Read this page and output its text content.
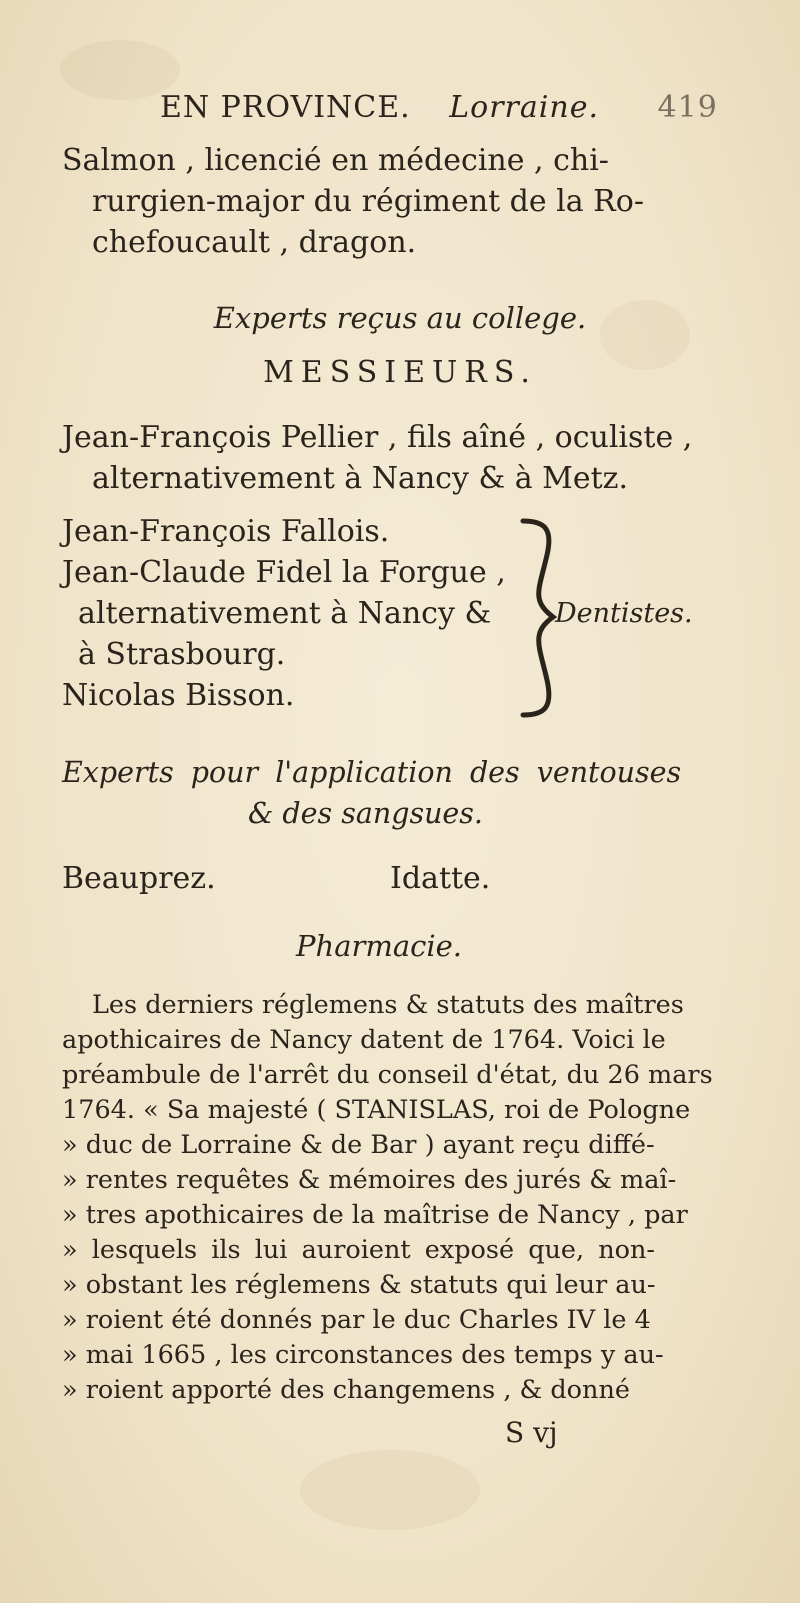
EN PROVINCE. Lorraine. 419
Salmon , licencié en médecine , chi-
rurgien-major du régiment de la Ro-
chefoucault , dragon.
Experts reçus au college.
MESSIEURS.
Jean-François Pellier , fils aîné , oculiste ,
alternativement à Nancy & à Metz.
Jean-François Fallois.
Jean-Claude Fidel la Forgue ,
alternativement à Nancy &
à Strasbourg.
Nicolas Bisson.
Dentistes.
Experts pour l'application des ventouses
& des sangsues.
Beauprez.	Idatte.
Pharmacie.
Les derniers réglemens & statuts des maîtres
apothicaires de Nancy datent de 1764. Voici le
préambule de l'arrêt du conseil d'état, du 26 mars
1764. « Sa majesté ( STANISLAS, roi de Pologne
» duc de Lorraine & de Bar ) ayant reçu diffé-
» rentes requêtes & mémoires des jurés & maî-
» tres apothicaires de la maîtrise de Nancy , par
» lesquels ils lui auroient exposé que, non-
» obstant les réglemens & statuts qui leur au-
» roient été donnés par le duc Charles IV le 4
» mai 1665 , les circonstances des temps y au-
» roient apporté des changemens , & donné
S vj
